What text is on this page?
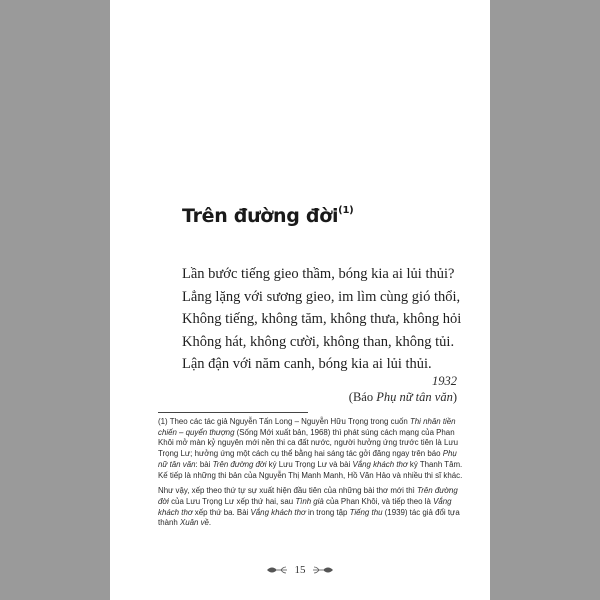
Trên đường đời$^{(1)}$
Lần bước tiếng gieo thầm, bóng kia ai lủi thủi?
Lẳng lặng với sương gieo, im lìm cùng gió thổi,
Không tiếng, không tăm, không thưa, không hỏi
Không hát, không cười, không than, không tủi.
Lận đận với năm canh, bóng kia ai lủi thủi.
1932
(Báo Phụ nữ tân văn)

(1) Theo các tác giả Nguyễn Tấn Long – Nguyễn Hữu Trọng trong cuốn Thi nhân tiền chiến – quyển thượng (Sống Mới xuất bản, 1968) thì phát súng cách mạng của Phan Khôi mở màn kỷ nguyên mới nền thi ca đất nước, người hưởng ứng trước tiên là Lưu Trọng Lư; hưởng ứng một cách cụ thể bằng hai sáng tác gởi đăng ngay trên báo Phụ nữ tân văn: bài Trên đường đời ký Lưu Trọng Lư và bài Vắng khách thơ ký Thanh Tâm. Kế tiếp là những thi bản của Nguyễn Thị Manh Manh, Hồ Văn Hảo và nhiều thi sĩ khác.

Như vậy, xếp theo thứ tự sự xuất hiện đầu tiên của những bài thơ mới thì Trên đường đời của Lưu Trọng Lư xếp thứ hai, sau Tình già của Phan Khôi, và tiếp theo là Vắng khách thơ xếp thứ ba. Bài Vắng khách thơ in trong tập Tiếng thu (1939) tác giả đổi tựa thành Xuân về.

15
